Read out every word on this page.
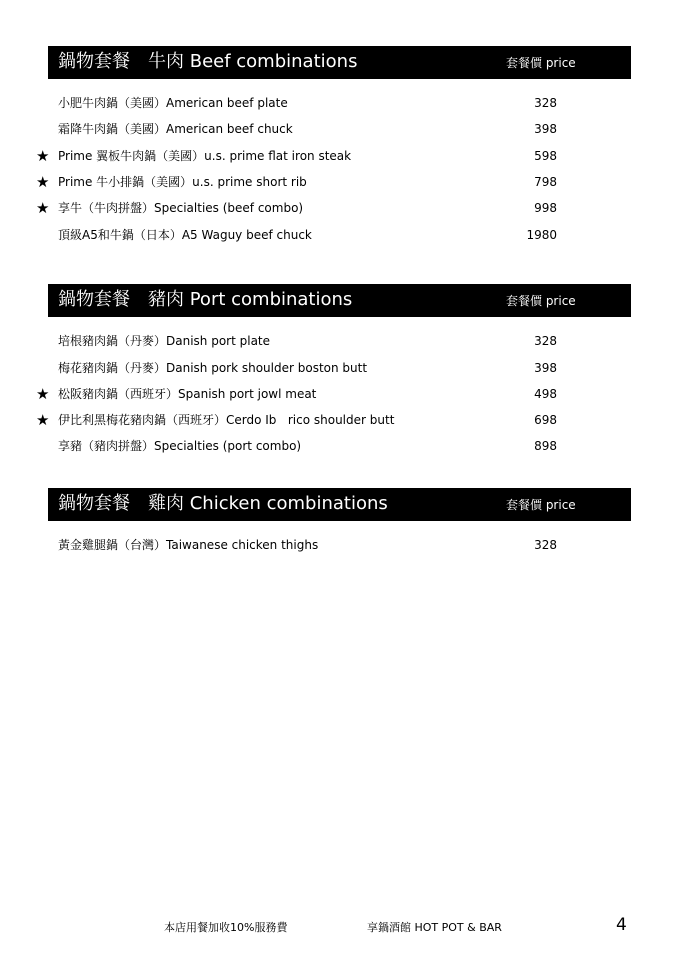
鍋物套餐　牛肉 Beef combinations	套餐價 price
小肥牛肉鍋（美國）American beef plate	328
霜降牛肉鍋（美國）American beef chuck	398
★ Prime 翼板牛肉鍋（美國）u.s. prime flat iron steak	598
★ Prime 牛小排鍋（美國）u.s. prime short rib	798
★ 享牛（牛肉拼盤）Specialties (beef combo)	998
頂級A5和牛鍋（日本）A5 Waguy beef chuck	1980
鍋物套餐　豬肉 Port combinations	套餐價 price
培根豬肉鍋（丹麥）Danish port plate	328
梅花豬肉鍋（丹麥）Danish pork shoulder boston butt	398
★ 松阪豬肉鍋（西班牙）Spanish port jowl meat	498
★ 伊比利黑梅花豬肉鍋（西班牙）Cerdo Ib   rico shoulder butt	698
享豬（豬肉拼盤）Specialties (port combo)	898
鍋物套餐　雞肉 Chicken combinations	套餐價 price
黃金雞腿鍋（台灣）Taiwanese chicken thighs	328
本店用餐加收10%服務費	享鍋酒館 HOT POT & BAR	4
